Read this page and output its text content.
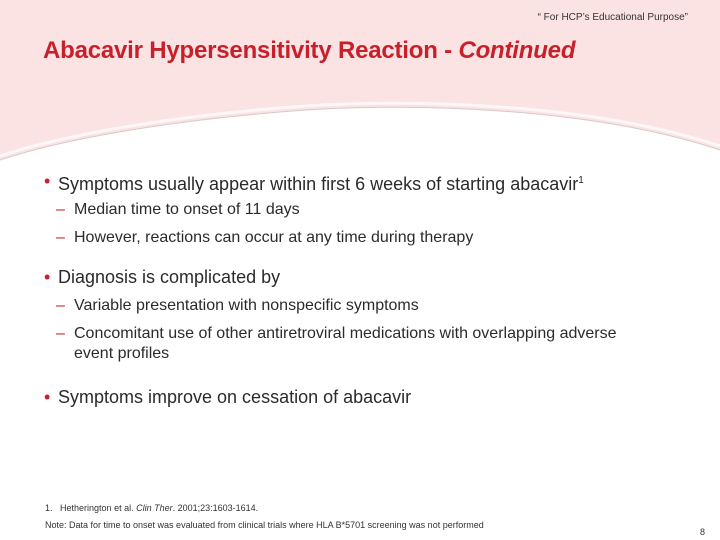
“ For HCP’s Educational Purpose”
Abacavir Hypersensitivity Reaction - Continued

• Symptoms usually appear within first 6 weeks of starting abacavir$^1$

– Median time to onset of 11 days

– However, reactions can occur at any time during therapy

• Diagnosis is complicated by

– Variable presentation with nonspecific symptoms

– Concomitant use of other antiretroviral medications with overlapping adverse event profiles

• Symptoms improve on cessation of abacavir

1. Hetherington et al. Clin Ther. 2001;23:1603-1614.
Note: Data for time to onset was evaluated from clinical trials where HLA B*5701 screening was not performed
8
